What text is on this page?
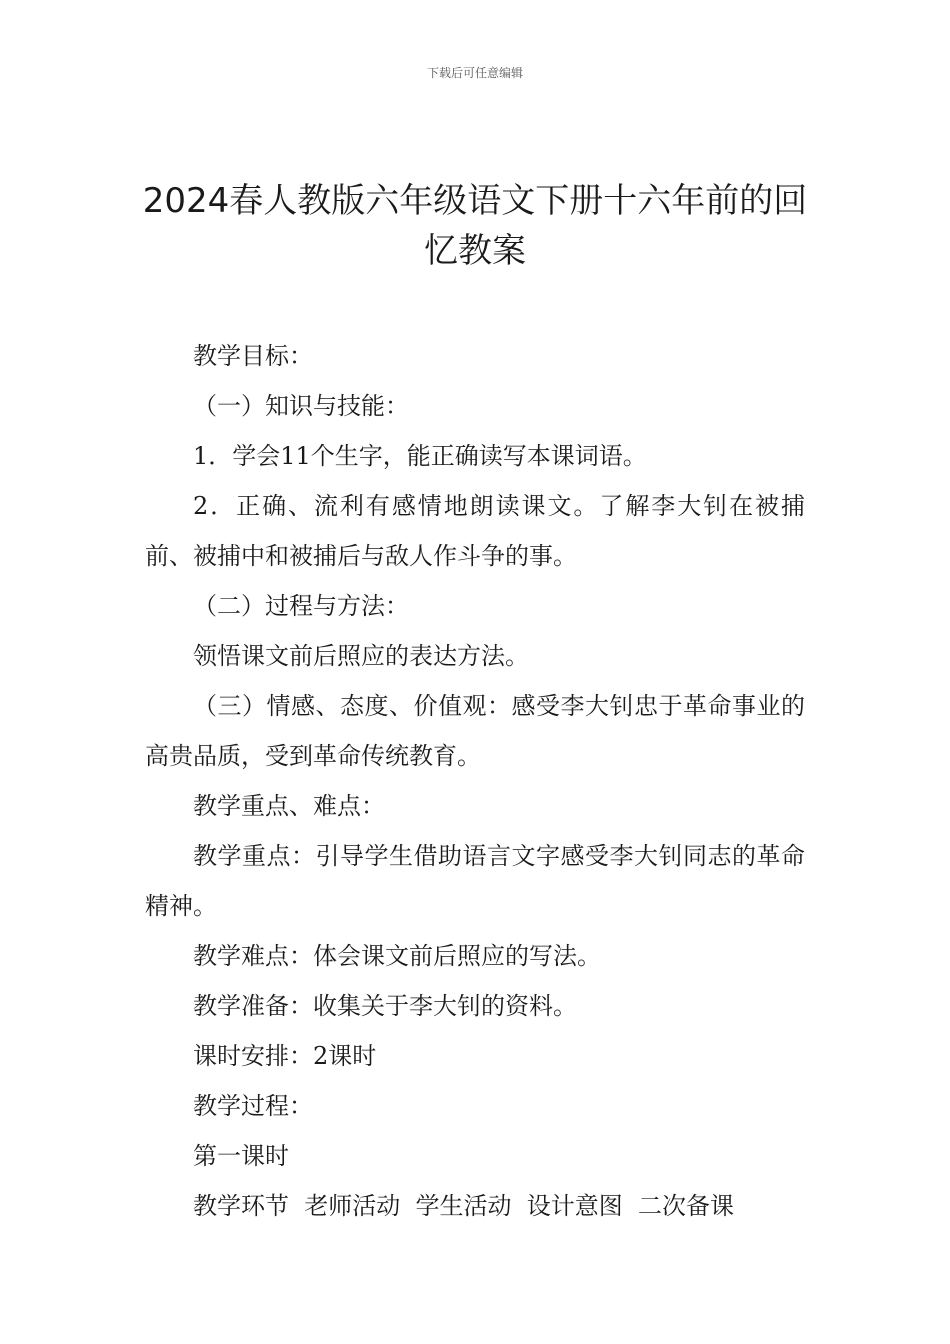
下载后可任意编辑
2024春人教版六年级语文下册十六年前的回忆教案

教学目标：

（一）知识与技能：

1．学会11个生字，能正确读写本课词语。

2．正确、流利有感情地朗读课文。了解李大钊在被捕前、被捕中和被捕后与敌人作斗争的事。

（二）过程与方法：

领悟课文前后照应的表达方法。

（三）情感、态度、价值观：感受李大钊忠于革命事业的高贵品质，受到革命传统教育。

教学重点、难点：

教学重点：引导学生借助语言文字感受李大钊同志的革命精神。

教学难点：体会课文前后照应的写法。

教学准备：收集关于李大钊的资料。

课时安排：2课时

教学过程：

第一课时

教学环节  老师活动  学生活动  设计意图  二次备课
